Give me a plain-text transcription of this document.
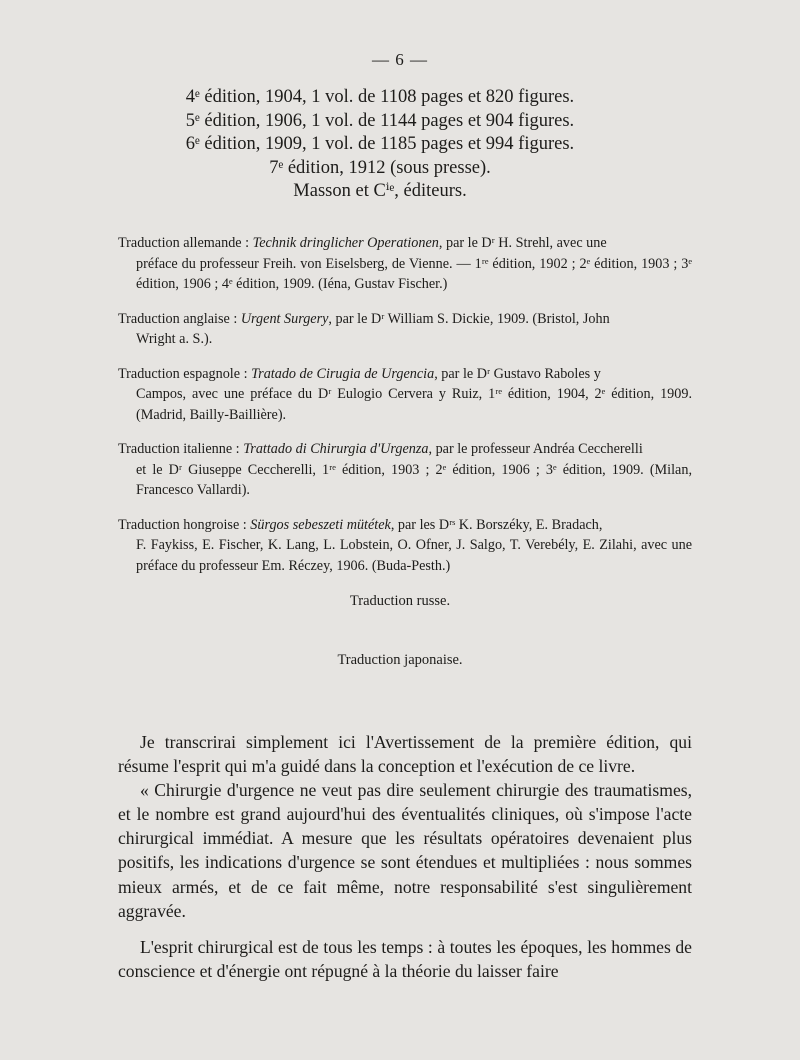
— 6 —
4ᵉ édition, 1904, 1 vol. de 1108 pages et 820 figures.
5ᵉ édition, 1906, 1 vol. de 1144 pages et 904 figures.
6ᵉ édition, 1909, 1 vol. de 1185 pages et 994 figures.
7ᵉ édition, 1912 (sous presse).
Masson et Cⁱᵉ, éditeurs.
Traduction allemande : Technik dringlicher Operationen, par le Dʳ H. Strehl, avec une
préface du professeur Freih. von Eiselsberg, de Vienne. — 1ʳᵉ édition, 1902 ; 2ᵉ édition, 1903 ; 3ᵉ édition, 1906 ; 4ᵉ édition, 1909. (Iéna, Gustav Fischer.)
Traduction anglaise : Urgent Surgery, par le Dʳ William S. Dickie, 1909. (Bristol, John
Wright a. S.).
Traduction espagnole : Tratado de Cirugia de Urgencia, par le Dʳ Gustavo Raboles y
Campos, avec une préface du Dʳ Eulogio Cervera y Ruiz, 1ʳᵉ édition, 1904, 2ᵉ édition, 1909. (Madrid, Bailly-Baillière).
Traduction italienne : Trattado di Chirurgia d'Urgenza, par le professeur Andréa Ceccherelli
et le Dʳ Giuseppe Ceccherelli, 1ʳᵉ édition, 1903 ; 2ᵉ édition, 1906 ; 3ᵉ édition, 1909. (Milan, Francesco Vallardi).
Traduction hongroise : Sürgos sebeszeti mütétek, par les Dʳˢ K. Borszéky, E. Bradach,
F. Faykiss, E. Fischer, K. Lang, L. Lobstein, O. Ofner, J. Salgo, T. Verebély, E. Zilahi, avec une préface du professeur Em. Réczey, 1906. (Buda-Pesth.)
Traduction russe.
Traduction japonaise.

Je transcrirai simplement ici l'Avertissement de la première édition, qui résume l'esprit qui m'a guidé dans la conception et l'exécution de ce livre.

« Chirurgie d'urgence ne veut pas dire seulement chirurgie des traumatismes, et le nombre est grand aujourd'hui des éventualités cliniques, où s'impose l'acte chirurgical immédiat. A mesure que les résultats opératoires devenaient plus positifs, les indications d'urgence se sont étendues et multipliées : nous sommes mieux armés, et de ce fait même, notre responsabilité s'est singulièrement aggravée.

L'esprit chirurgical est de tous les temps : à toutes les époques, les hommes de conscience et d'énergie ont répugné à la théorie du laisser faire
